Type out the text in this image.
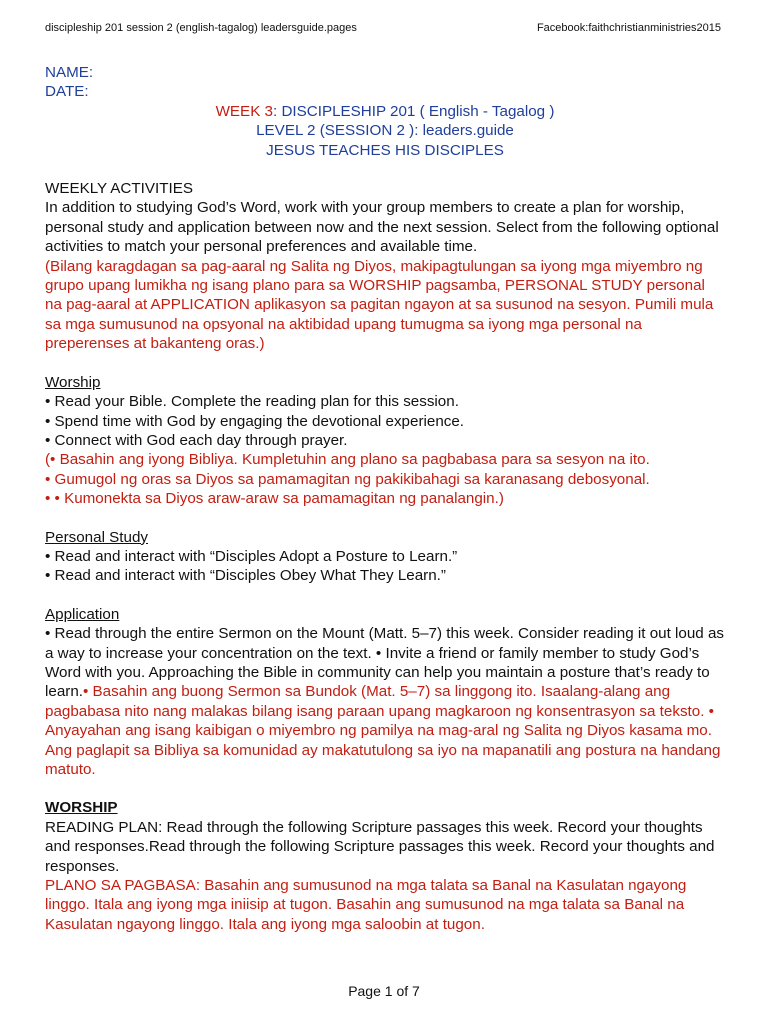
discipleship 201 session 2 (english-tagalog) leadersguide.pages	Facebook:faithchristianministries2015

NAME:

DATE:

WEEK 3: DISCIPLESHIP 201 ( English - Tagalog )

LEVEL 2 (SESSION 2 ): leaders.guide

JESUS TEACHES HIS DISCIPLES

WEEKLY ACTIVITIES

In addition to studying God’s Word, work with your group members to create a plan for worship, personal study and application between now and the next session. Select from the following optional activities to match your personal preferences and available time.

(Bilang karagdagan sa pag-aaral ng Salita ng Diyos, makipagtulungan sa iyong mga miyembro ng grupo upang lumikha ng isang plano para sa WORSHIP pagsamba, PERSONAL STUDY personal na pag-aaral at APPLICATION aplikasyon sa pagitan ngayon at sa susunod na sesyon. Pumili mula sa mga sumusunod na opsyonal na aktibidad upang tumugma sa iyong mga personal na preperenses at bakanteng oras.)

Worship

• Read your Bible. Complete the reading plan for this session.

• Spend time with God by engaging the devotional experience.

• Connect with God each day through prayer.

(• Basahin ang iyong Bibliya. Kumpletuhin ang plano sa pagbabasa para sa sesyon na ito.

• Gumugol ng oras sa Diyos sa pamamagitan ng pakikibahagi sa karanasang debosyonal.

• • Kumonekta sa Diyos araw-araw sa pamamagitan ng panalangin.)

Personal Study

• Read and interact with “Disciples Adopt a Posture to Learn.”

• Read and interact with “Disciples Obey What They Learn.”

Application

• Read through the entire Sermon on the Mount (Matt. 5–7) this week. Consider reading it out loud as a way to increase your concentration on the text. • Invite a friend or family member to study God’s Word with you. Approaching the Bible in community can help you maintain a posture that’s ready to learn.• Basahin ang buong Sermon sa Bundok (Mat. 5–7) sa linggong ito. Isaalang-alang ang pagbabasa nito nang malakas bilang isang paraan upang magkaroon ng konsentrasyon sa teksto. • Anyayahan ang isang kaibigan o miyembro ng pamilya na mag-aral ng Salita ng Diyos kasama mo. Ang paglapit sa Bibliya sa komunidad ay makatutulong sa iyo na mapanatili ang postura na handang matuto.

WORSHIP

READING PLAN: Read through the following Scripture passages this week. Record your thoughts and responses.Read through the following Scripture passages this week. Record your thoughts and responses.

PLANO SA PAGBASA: Basahin ang sumusunod na mga talata sa Banal na Kasulatan ngayong linggo. Itala ang iyong mga iniisip at tugon. Basahin ang sumusunod na mga talata sa Banal na Kasulatan ngayong linggo. Itala ang iyong mga saloobin at tugon.

Page 1 of 7
